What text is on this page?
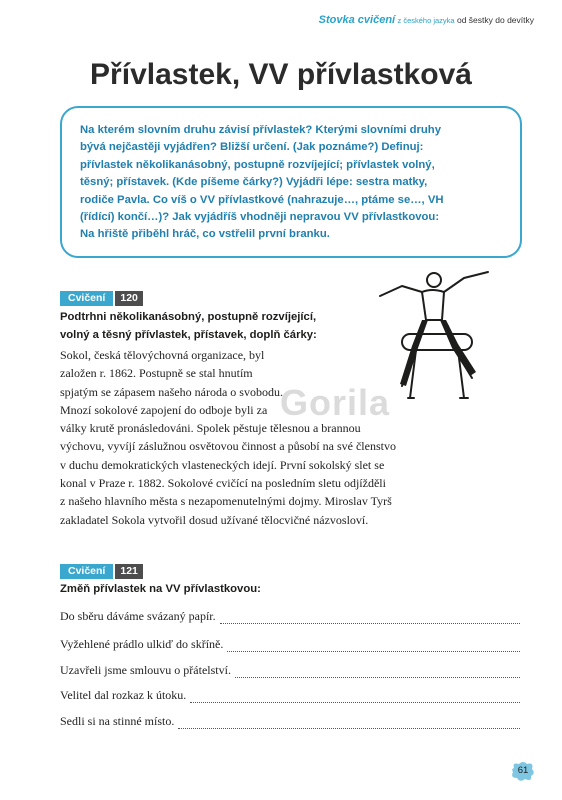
Stovka cvičení z českého jazyka od šestky do devítky
Přívlastek, VV přívlastková

Na kterém slovním druhu závisí přívlastek? Kterými slovními druhy

bývá nejčastěji vyjádřen? Bližší určení. (Jak poznáme?) Definuj:

přívlastek několikanásobný, postupně rozvíjející; přívlastek volný,

těsný; přístavek. (Kde píšeme čárky?) Vyjádři lépe: sestra matky,

rodiče Pavla. Co víš o VV přívlastkové (nahrazuje…, ptáme se…, VH

(řídící) končí…)? Jak vyjádříš vhodněji nepravou VV přívlastkovou:

Na hřiště přiběhl hráč, co vstřelil první branku.

Cvičení	120
Podtrhni několikanásobný, postupně rozvíjející,
volný a těsný přívlastek, přístavek, doplň čárky:
Sokol, česká tělovýchovná organizace, byl
založen r. 1862. Postupně se stal hnutím
spjatým se zápasem našeho národa o svobodu.
Mnozí sokolové zapojení do odboje byli za
války krutě pronásledováni. Spolek pěstuje tělesnou a brannou
výchovu, vyvíjí záslužnou osvětovou činnost a působí na své členstvo
v duchu demokratických vlasteneckých idejí. První sokolský slet se
konal v Praze r. 1882. Sokolové cvičící na posledním sletu odjížděli
z našeho hlavního města s nezapomenutelnými dojmy. Miroslav Tyrš
zakladatel Sokola vytvořil dosud užívané tělocvičné názvosloví.
Gorila
Cvičení	121
Změň přívlastek na VV přívlastkovou:
Do sběru dáváme svázaný papír.
Vyžehlené prádlo ulkiď do skříně.
Uzavřeli jsme smlouvu o přátelství.
Velitel dal rozkaz k útoku.
Sedli si na stinné místo.
61
